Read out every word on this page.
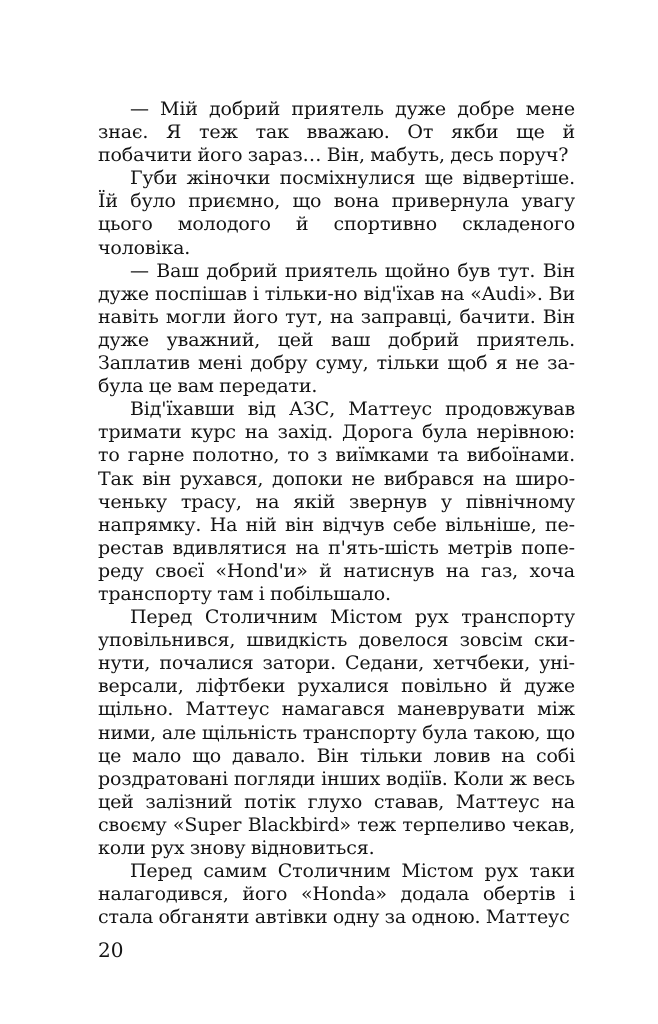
— Мій добрий приятель дуже добре мене знає. Я теж так вважаю. От якби ще й побачити його зараз… Він, мабуть, десь поруч?

Губи жіночки посміхнулися ще відвертіше. Їй було приємно, що вона привернула увагу цього молодого й спортивно складеного чоловіка.

— Ваш добрий приятель щойно був тут. Він дуже поспішав і тільки-но від'їхав на «Audi». Ви навіть могли його тут, на заправці, бачити. Він дуже уважний, цей ваш добрий приятель. Заплатив мені добру суму, тільки щоб я не забула це вам передати.

Від'їхавши від АЗС, Маттеус продовжував тримати курс на захід. Дорога була нерівною: то гарне полотно, то з виїмками та вибоїнами. Так він рухався, допоки не вибрався на широченьку трасу, на якій звернув у північному напрямку. На ній він відчув себе вільніше, перестав вдивлятися на п'ять-шість метрів попереду своєї «Hond'и» й натиснув на газ, хоча транспорту там і побільшало.

Перед Столичним Містом рух транспорту уповільнився, швидкість довелося зовсім скинути, почалися затори. Седани, хетчбеки, універсали, ліфтбеки рухалися повільно й дуже щільно. Маттеус намагався маневрувати між ними, але щільність транспорту була такою, що це мало що давало. Він тільки ловив на собі роздратовані погляди інших водіїв. Коли ж весь цей залізний потік глухо ставав, Маттеус на своєму «Super Blackbird» теж терпеливо чекав, коли рух знову відновиться.

Перед самим Столичним Містом рух таки налагодився, його «Honda» додала обертів і стала обганяти автівки одну за одною. Маттеус

20
